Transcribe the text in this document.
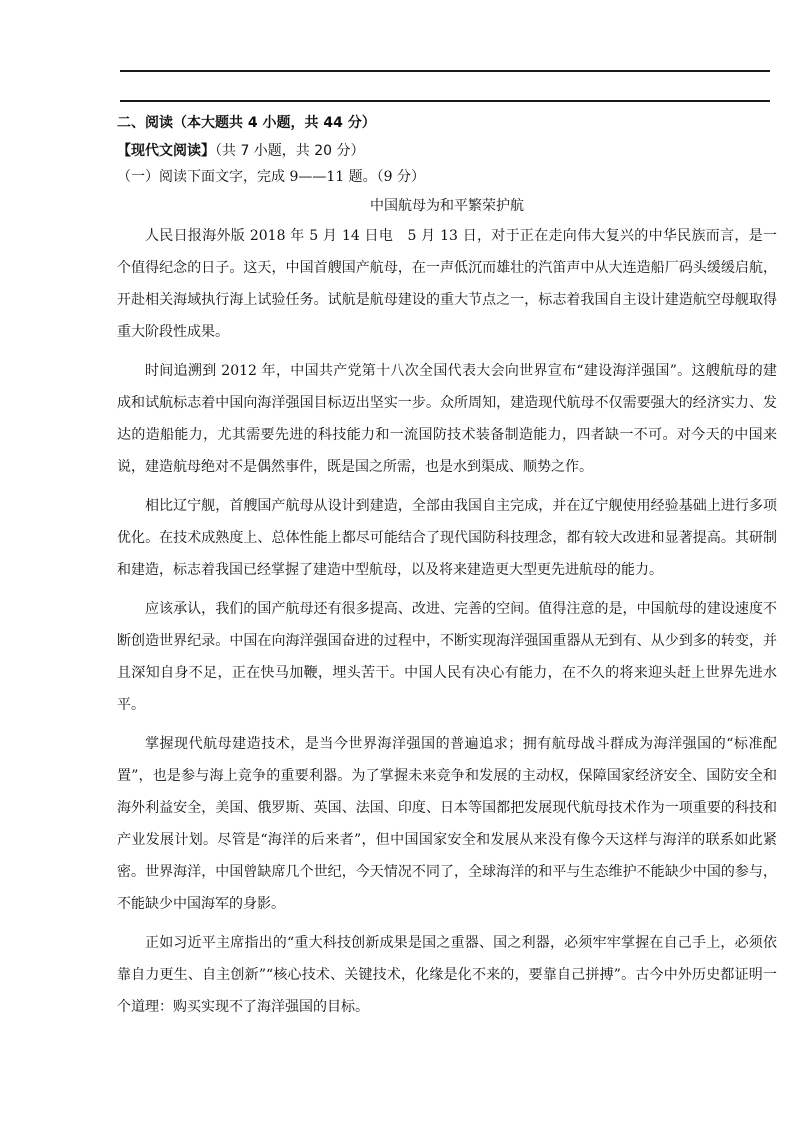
二、阅读（本大题共 4 小题，共 44 分）
【现代文阅读】（共 7 小题，共 20 分）
（一）阅读下面文字，完成 9——11 题。（9 分）
中国航母为和平繁荣护航

人民日报海外版 2018 年 5 月 14 日电　5 月 13 日，对于正在走向伟大复兴的中华民族而言，是一个值得纪念的日子。这天，中国首艘国产航母，在一声低沉而雄壮的汽笛声中从大连造船厂码头缓缓启航，开赴相关海域执行海上试验任务。试航是航母建设的重大节点之一，标志着我国自主设计建造航空母舰取得重大阶段性成果。

时间追溯到 2012 年，中国共产党第十八次全国代表大会向世界宣布“建设海洋强国”。这艘航母的建成和试航标志着中国向海洋强国目标迈出坚实一步。众所周知，建造现代航母不仅需要强大的经济实力、发达的造船能力，尤其需要先进的科技能力和一流国防技术装备制造能力，四者缺一不可。对今天的中国来说，建造航母绝对不是偶然事件，既是国之所需，也是水到渠成、顺势之作。

相比辽宁舰，首艘国产航母从设计到建造，全部由我国自主完成，并在辽宁舰使用经验基础上进行多项优化。在技术成熟度上、总体性能上都尽可能结合了现代国防科技理念，都有较大改进和显著提高。其研制和建造，标志着我国已经掌握了建造中型航母，以及将来建造更大型更先进航母的能力。

应该承认，我们的国产航母还有很多提高、改进、完善的空间。值得注意的是，中国航母的建设速度不断创造世界纪录。中国在向海洋强国奋进的过程中，不断实现海洋强国重器从无到有、从少到多的转变，并且深知自身不足，正在快马加鞭，埋头苦干。中国人民有决心有能力，在不久的将来迎头赶上世界先进水平。

掌握现代航母建造技术，是当今世界海洋强国的普遍追求；拥有航母战斗群成为海洋强国的“标准配置”，也是参与海上竞争的重要利器。为了掌握未来竞争和发展的主动权，保障国家经济安全、国防安全和海外利益安全，美国、俄罗斯、英国、法国、印度、日本等国都把发展现代航母技术作为一项重要的科技和产业发展计划。尽管是“海洋的后来者”，但中国国家安全和发展从来没有像今天这样与海洋的联系如此紧密。世界海洋，中国曾缺席几个世纪，今天情况不同了，全球海洋的和平与生态维护不能缺少中国的参与，不能缺少中国海军的身影。

正如习近平主席指出的“重大科技创新成果是国之重器、国之利器，必须牢牢掌握在自己手上，必须依靠自力更生、自主创新”“核心技术、关键技术，化缘是化不来的，要靠自己拼搏”。古今中外历史都证明一个道理：购买实现不了海洋强国的目标。
